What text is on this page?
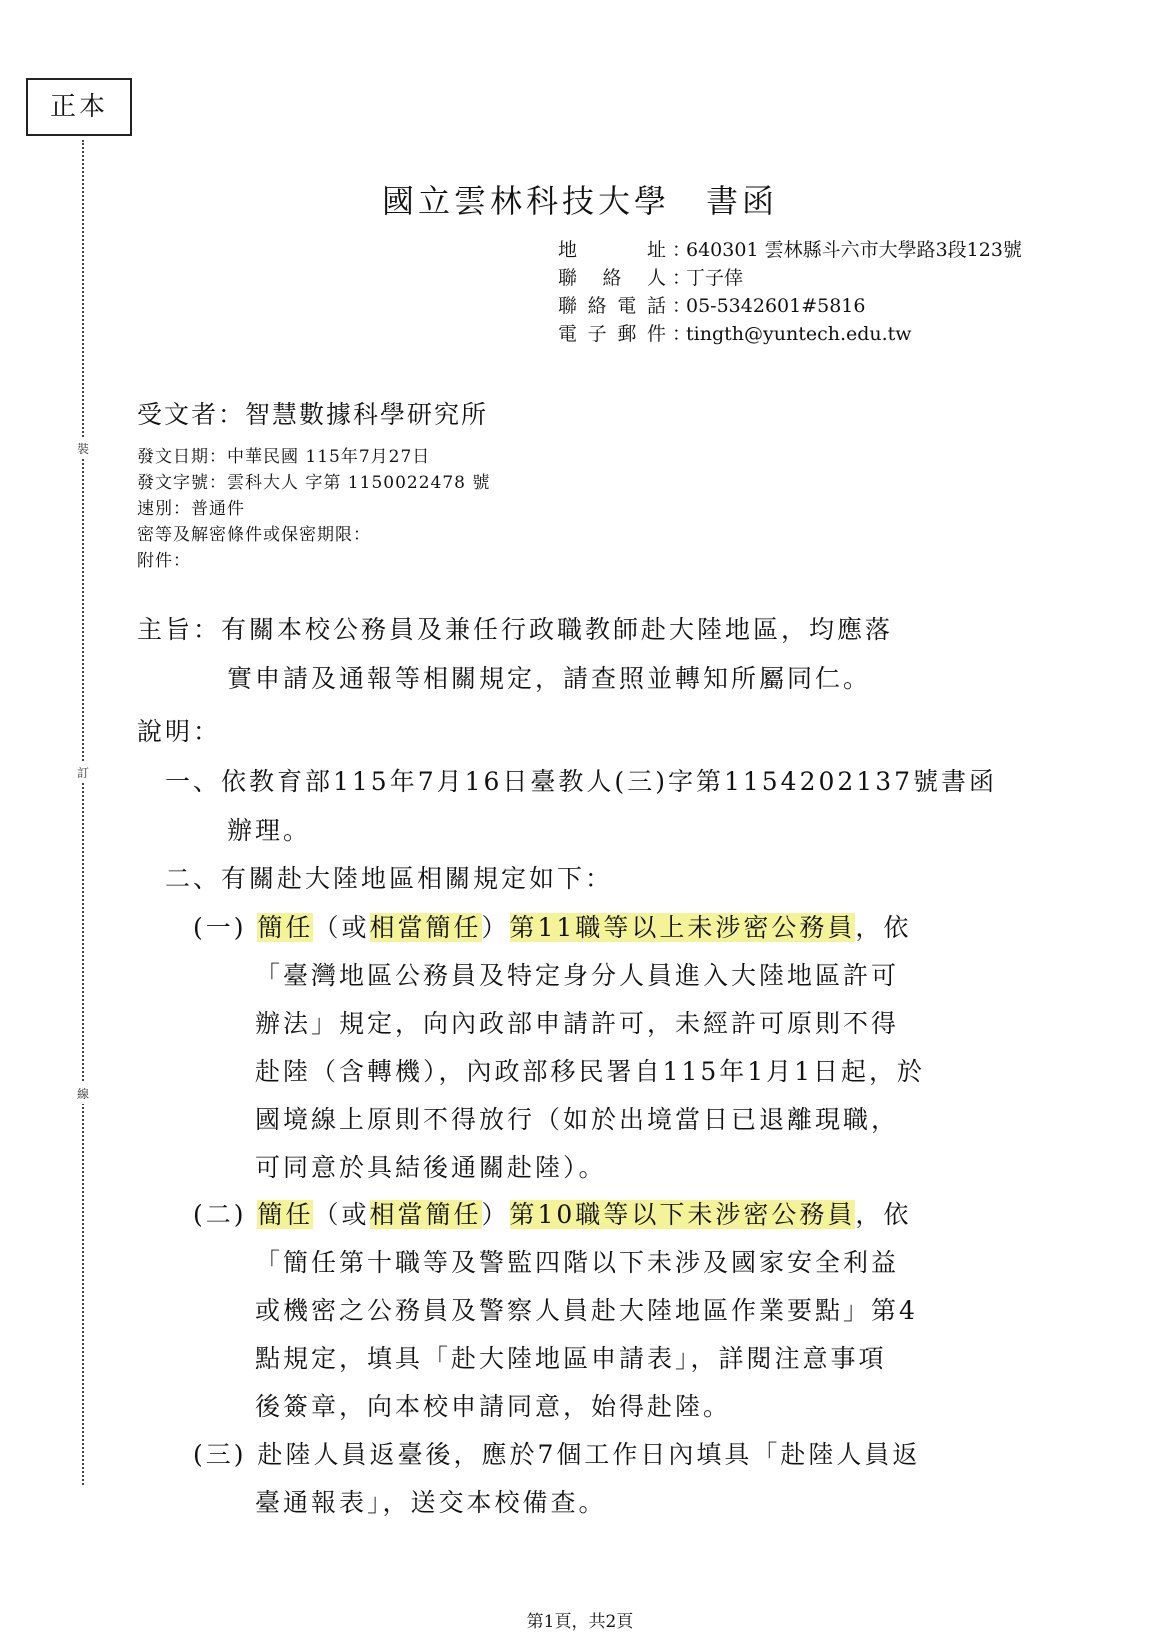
正本
裝
訂
線
國立雲林科技大學　書函
地址 ：640301 雲林縣斗六市大學路3段123號
聯絡人 ：丁子倖
聯絡電話 ：05-5342601#5816
電子郵件 ：tingth@yuntech.edu.tw
受文者：智慧數據科學研究所
發文日期：中華民國 115年7月27日
發文字號：雲科大人 字第 1150022478 號
速別：普通件
密等及解密條件或保密期限：
附件：
主旨：有關本校公務員及兼任行政職教師赴大陸地區，均應落
實申請及通報等相關規定，請查照並轉知所屬同仁。
說明：
一、依教育部115年7月16日臺教人(三)字第1154202137號書函
辦理。
二、有關赴大陸地區相關規定如下：
(一) 簡任（或相當簡任）第11職等以上未涉密公務員，依
「臺灣地區公務員及特定身分人員進入大陸地區許可
辦法」規定，向內政部申請許可，未經許可原則不得
赴陸（含轉機），內政部移民署自115年1月1日起，於
國境線上原則不得放行（如於出境當日已退離現職，
可同意於具結後通關赴陸）。
(二) 簡任（或相當簡任）第10職等以下未涉密公務員，依
「簡任第十職等及警監四階以下未涉及國家安全利益
或機密之公務員及警察人員赴大陸地區作業要點」第4
點規定，填具「赴大陸地區申請表」，詳閱注意事項
後簽章，向本校申請同意，始得赴陸。
(三) 赴陸人員返臺後，應於7個工作日內填具「赴陸人員返
臺通報表」，送交本校備查。
第1頁，共2頁
